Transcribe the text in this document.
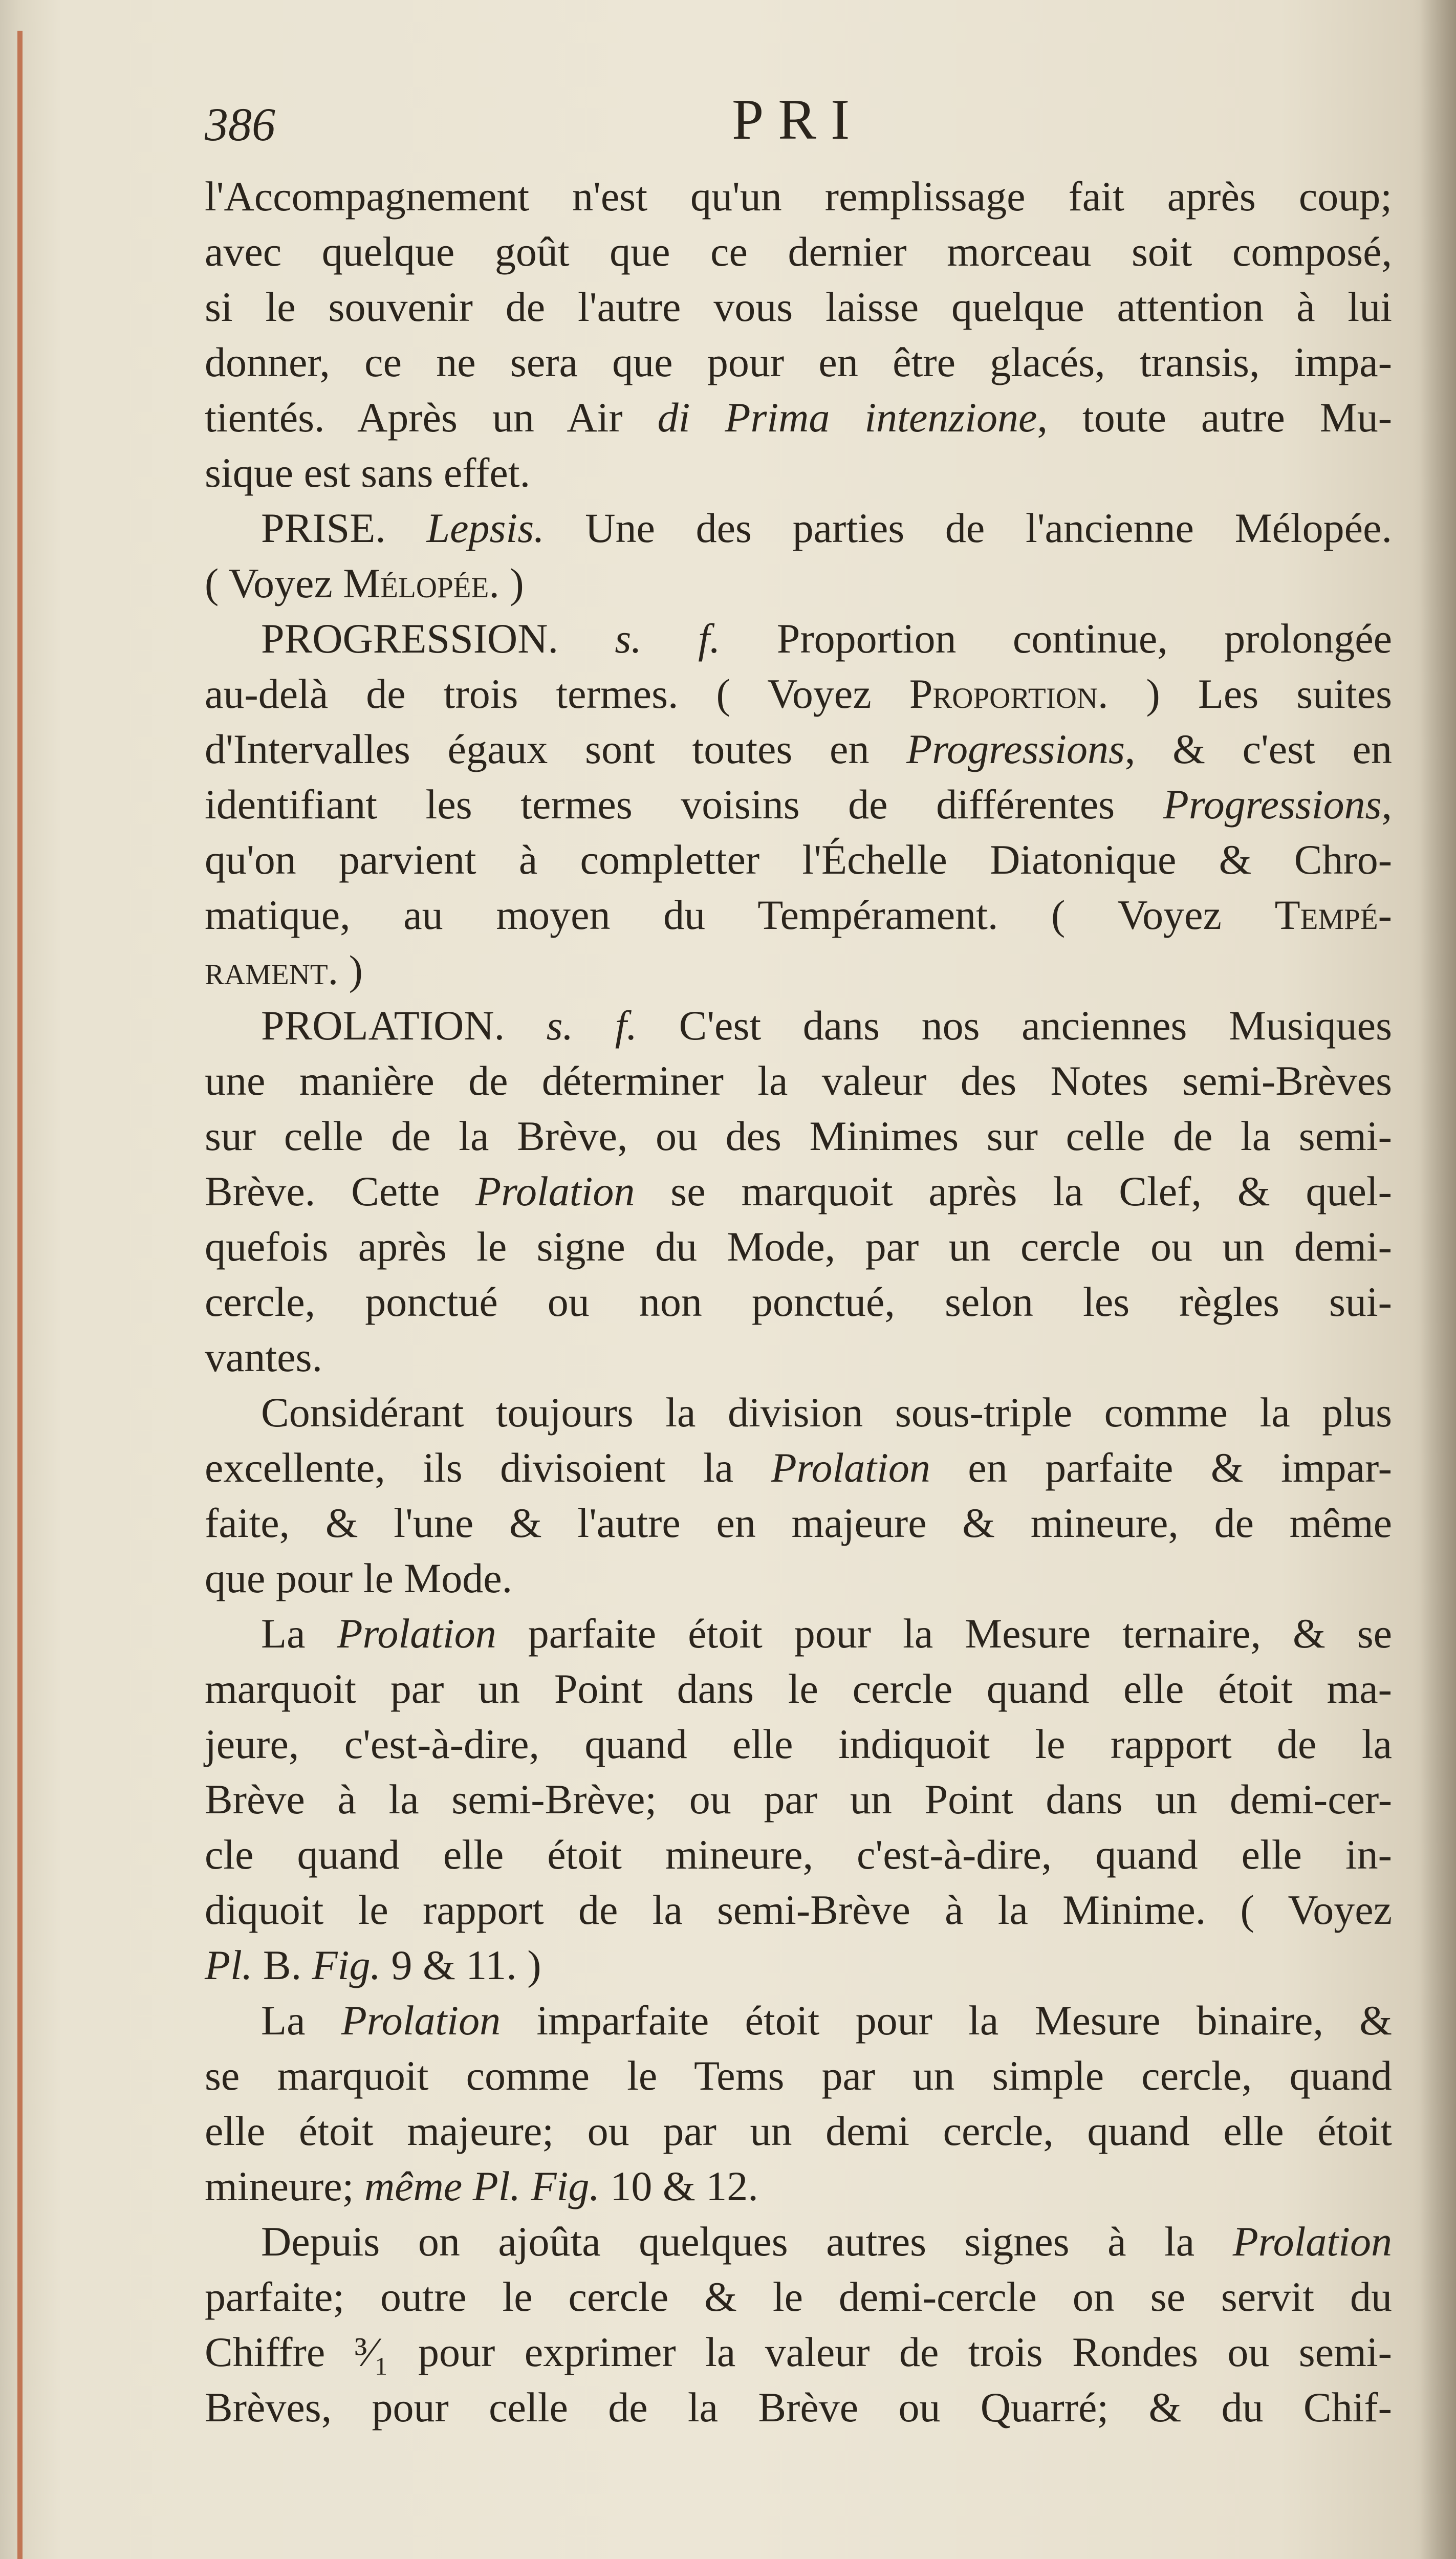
386	PRI
l'Accompagnement n'est qu'un remplissage fait après coup;
avec quelque goût que ce dernier morceau soit composé,
si le souvenir de l'autre vous laisse quelque attention à lui
donner, ce ne sera que pour en être glacés, transis, impa-
tientés. Après un Air di Prima intenzione, toute autre Mu-
sique est sans effet.
PRISE. Lepsis. Une des parties de l'ancienne Mélopée.
( Voyez Mélopée. )
PROGRESSION. s. f. Proportion continue, prolongée
au-delà de trois termes. ( Voyez Proportion. ) Les suites
d'Intervalles égaux sont toutes en Progressions, & c'est en
identifiant les termes voisins de différentes Progressions,
qu'on parvient à completter l'Échelle Diatonique & Chro-
matique, au moyen du Tempérament. ( Voyez Tempé-
rament. )
PROLATION. s. f. C'est dans nos anciennes Musiques
une manière de déterminer la valeur des Notes semi-Brèves
sur celle de la Brève, ou des Minimes sur celle de la semi-
Brève. Cette Prolation se marquoit après la Clef, & quel-
quefois après le signe du Mode, par un cercle ou un demi-
cercle, ponctué ou non ponctué, selon les règles sui-
vantes.
Considérant toujours la division sous-triple comme la plus
excellente, ils divisoient la Prolation en parfaite & impar-
faite, & l'une & l'autre en majeure & mineure, de même
que pour le Mode.
La Prolation parfaite étoit pour la Mesure ternaire, & se
marquoit par un Point dans le cercle quand elle étoit ma-
jeure, c'est-à-dire, quand elle indiquoit le rapport de la
Brève à la semi-Brève; ou par un Point dans un demi-cer-
cle quand elle étoit mineure, c'est-à-dire, quand elle in-
diquoit le rapport de la semi-Brève à la Minime. ( Voyez
Pl. B. Fig. 9 & 11. )
La Prolation imparfaite étoit pour la Mesure binaire, &
se marquoit comme le Tems par un simple cercle, quand
elle étoit majeure; ou par un demi cercle, quand elle étoit
mineure; même Pl. Fig. 10 & 12.
Depuis on ajoûta quelques autres signes à la Prolation
parfaite; outre le cercle & le demi-cercle on se servit du
Chiffre ³⁄₁ pour exprimer la valeur de trois Rondes ou semi-
Brèves, pour celle de la Brève ou Quarré; & du Chif-
